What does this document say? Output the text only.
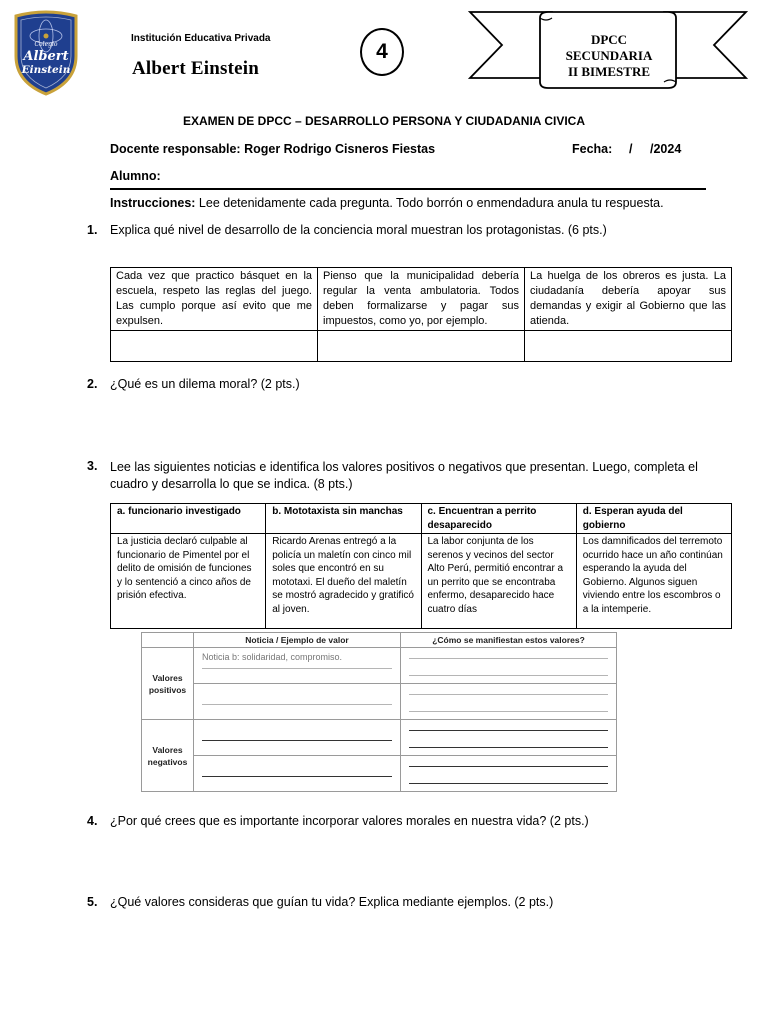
Colegio
Albert
Einstein
Institución Educativa Privada
Albert Einstein
4
DPCC
SECUNDARIA
II BIMESTRE
EXAMEN DE DPCC – DESARROLLO PERSONA Y CIUDADANIA CIVICA
Docente responsable: Roger Rodrigo Cisneros Fiestas	Fecha: / /2024
Alumno:
Instrucciones: Lee detenidamente cada pregunta. Todo borrón o enmendadura anula tu respuesta.
1. Explica qué nivel de desarrollo de la conciencia moral muestran los protagonistas. (6 pts.)
Cada vez que practico básquet en la escuela, respeto las reglas del juego. Las cumplo porque así evito que me expulsen.	Pienso que la municipalidad debería regular la venta ambulatoria. Todos deben formalizarse y pagar sus impuestos, como yo, por ejemplo.	La huelga de los obreros es justa. La ciudadanía debería apoyar sus demandas y exigir al Gobierno que las atienda.

2. ¿Qué es un dilema moral? (2 pts.)
3. Lee las siguientes noticias e identifica los valores positivos o negativos que presentan. Luego, completa el cuadro y desarrolla lo que se indica. (8 pts.)
a. funcionario investigado	b. Mototaxista sin manchas	c. Encuentran a perrito desaparecido	d. Esperan ayuda del gobierno
La justicia declaró culpable al funcionario de Pimentel por el delito de omisión de funciones y lo sentenció a cinco años de prisión efectiva.	Ricardo Arenas entregó a la policía un maletín con cinco mil soles que encontró en su mototaxi. El dueño del maletín se mostró agradecido y gratificó al joven.	La labor conjunta de los serenos y vecinos del sector Alto Perú, permitió encontrar a un perrito que se encontraba enfermo, desaparecido hace cuatro días	Los damnificados del terremoto ocurrido hace un año continúan esperando la ayuda del Gobierno. Algunos siguen viviendo entre los escombros o a la intemperie.
	Noticia / Ejemplo de valor	¿Cómo se manifiestan estos valores?
Valores positivos	Noticia b: solidaridad, compromiso.	

Valores negativos	

4. ¿Por qué crees que es importante incorporar valores morales en nuestra vida? (2 pts.)
5. ¿Qué valores consideras que guían tu vida? Explica mediante ejemplos. (2 pts.)
